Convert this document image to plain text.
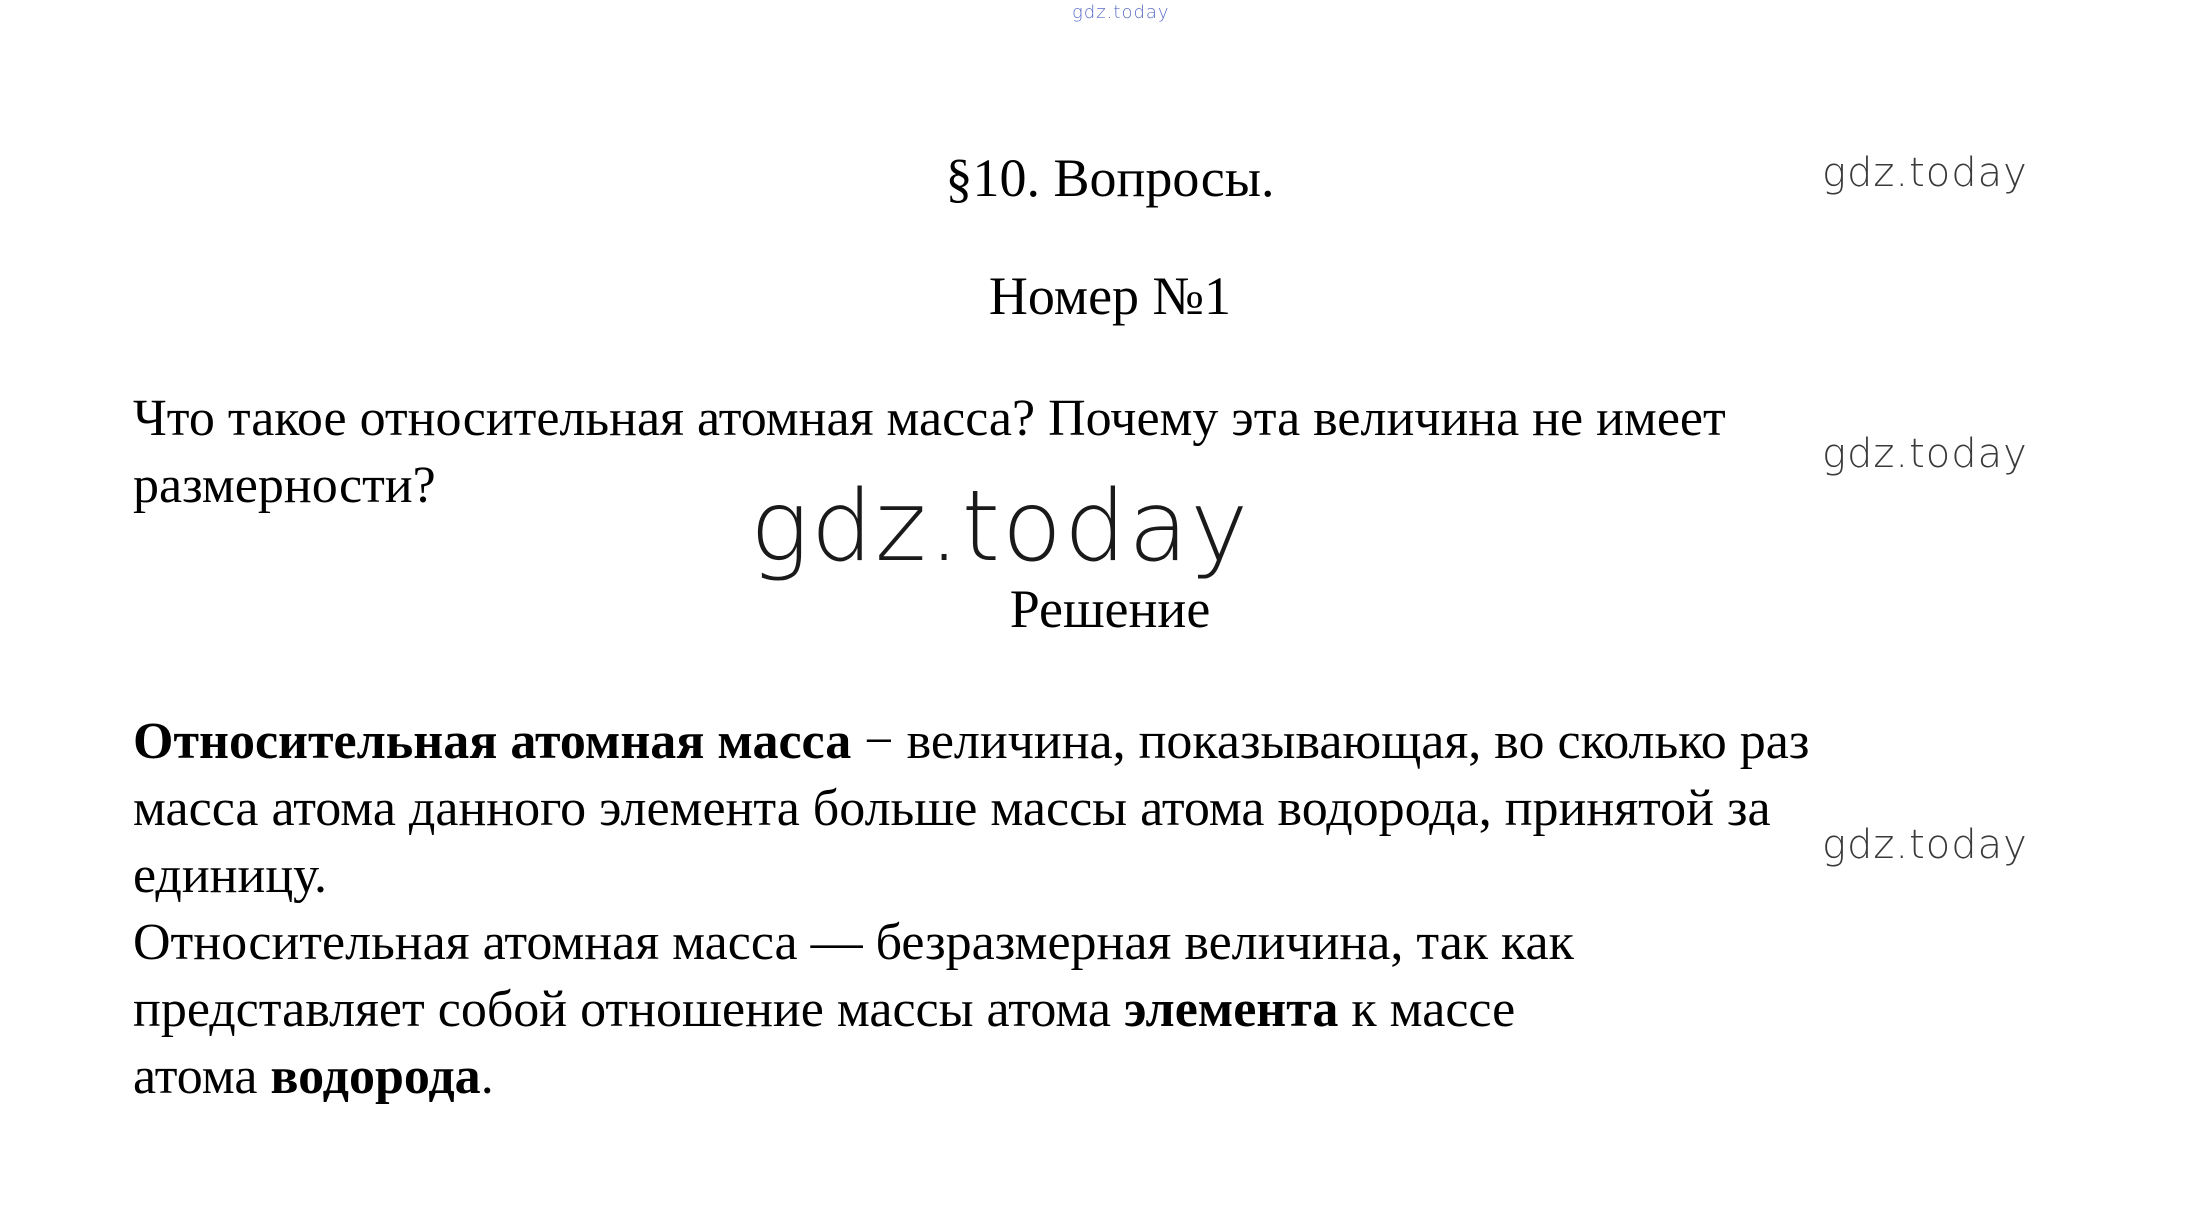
gdz.today
gdz.today
gdz.today
gdz.today
gdz.today
§10. Вопросы.
Номер №1
Что такое относительная атомная масса? Почему эта величина не имеет
размерности?
Решение
Относительная атомная масса − величина, показывающая, во сколько раз
масса атома данного элемента больше массы атома водорода, принятой за
единицу.
Относительная атомная масса — безразмерная величина, так как
представляет собой отношение массы атома элемента к массе
атома водорода.
